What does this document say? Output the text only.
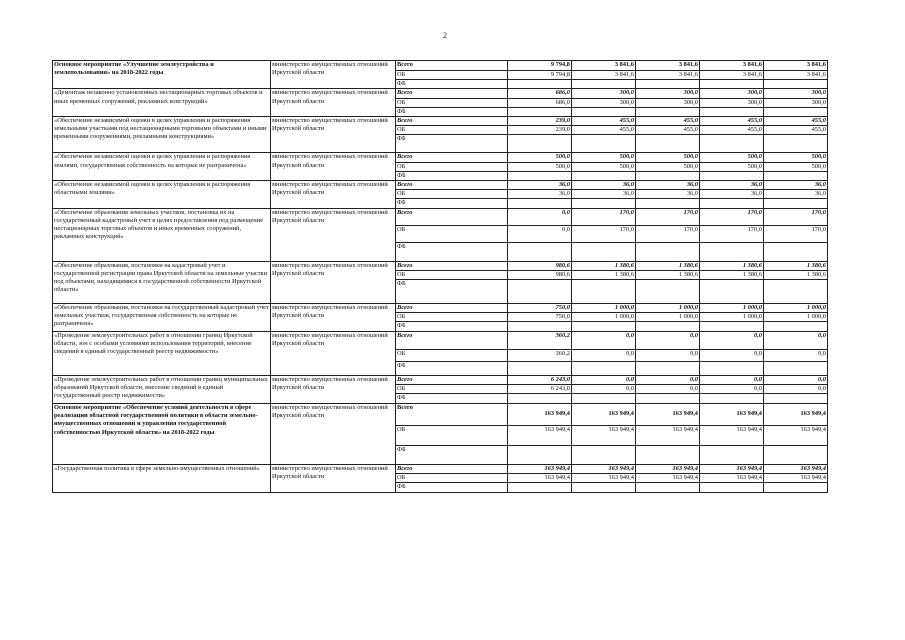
2
Основное мероприятие «Улучшение землеустройства и землепользования» на 2018-2022 годы	министерство имущественных отношений Иркутской области	Всего	9 794,8	3 841,6	3 841,6	3 841,6	3 841,6
		ОБ	9 794,8	3 841,6	3 841,6	3 841,6	3 841,6
		ФБ					
«Демонтаж незаконно установленных нестационарных торговых объектов и иных временных сооружений, рекламных конструкций»	министерство имущественных отношений Иркутской области	Всего	686,0	300,0	300,0	300,0	300,0
		ОБ	686,0	300,0	300,0	300,0	300,0
		ФБ					
«Обеспечение независимой оценки в целях управления и распоряжения земельными участками под нестационарными торговыми объектами и иными временными сооружениями, рекламными конструкциями»	министерство имущественных отношений Иркутской области	Всего	239,0	455,0	455,0	455,0	455,0
		ОБ	239,0	455,0	455,0	455,0	455,0
		ФБ					
«Обеспечение независимой оценки в целях управления и распоряжения землями, государственная собственность на которые не разграничена»	министерство имущественных отношений Иркутской области	Всего	500,0	500,0	500,0	500,0	500,0
		ОБ	500,0	500,0	500,0	500,0	500,0
		ФБ					
«Обеспечение независимой оценки в целях управления и распоряжения областными землями»	министерство имущественных отношений Иркутской области	Всего	36,0	36,0	36,0	36,0	36,0
		ОБ	36,0	36,0	36,0	36,0	36,0
		ФБ					
«Обеспечение образования земельных участков, постановка их на государственный кадастровый учет в целях предоставления под размещение нестационарных торговых объектов и иных временных сооружений, рекламных конструкций»	министерство имущественных отношений Иркутской области	Всего	0,0	170,0	170,0	170,0	170,0
		ОБ	0,0	170,0	170,0	170,0	170,0
		ФБ					
«Обеспечение образования, постановки на кадастровый учет и государственной регистрации права Иркутской области на земельные участки под объектами, находящимися в государственной собственности Иркутской области»	министерство имущественных отношений Иркутской области	Всего	980,6	1 380,6	1 380,6	1 380,6	1 380,6
		ОБ	980,6	1 380,6	1 380,6	1 380,6	1 380,6
		ФБ					
«Обеспечение образования, постановки на государственный кадастровый учет земельных участков, государственная собственность на которые не разграничена»	министерство имущественных отношений Иркутской области	Всего	750,0	1 000,0	1 000,0	1 000,0	1 000,0
		ОБ	750,0	1 000,0	1 000,0	1 000,0	1 000,0
		ФБ					
«Проведение землеустроительных работ в отношении границ Иркутской области, зон с особыми условиями использования территорий, внесение сведений в единый государственный реестр недвижимости»	министерство имущественных отношений Иркутской области	Всего	360,2	0,0	0,0	0,0	0,0
		ОБ	360,2	0,0	0,0	0,0	0,0
		ФБ					
«Проведение землеустроительных работ в отношении границ муниципальных образований Иркутской области, внесение сведений в единый государственный реестр недвижимости»	министерство имущественных отношений Иркутской области	Всего	6 243,0	0,0	0,0	0,0	0,0
		ОБ	6 243,0	0,0	0,0	0,0	0,0
		ФБ					
Основное мероприятие «Обеспечение условий деятельности в сфере реализации областной государственной политики в области земельно-имущественных отношений и управления государственной собственностью Иркутской области» на 2018-2022 годы	министерство имущественных отношений Иркутской области	Всего	163 949,4	163 949,4	163 949,4	163 949,4	163 949,4
		ОБ	163 949,4	163 949,4	163 949,4	163 949,4	163 949,4
		ФБ					
«Государственная политика в сфере земельно-имущественных отношений»	министерство имущественных отношений Иркутской области	Всего	163 949,4	163 949,4	163 949,4	163 949,4	163 949,4
		ОБ	163 949,4	163 949,4	163 949,4	163 949,4	163 949,4
		ФБ					
